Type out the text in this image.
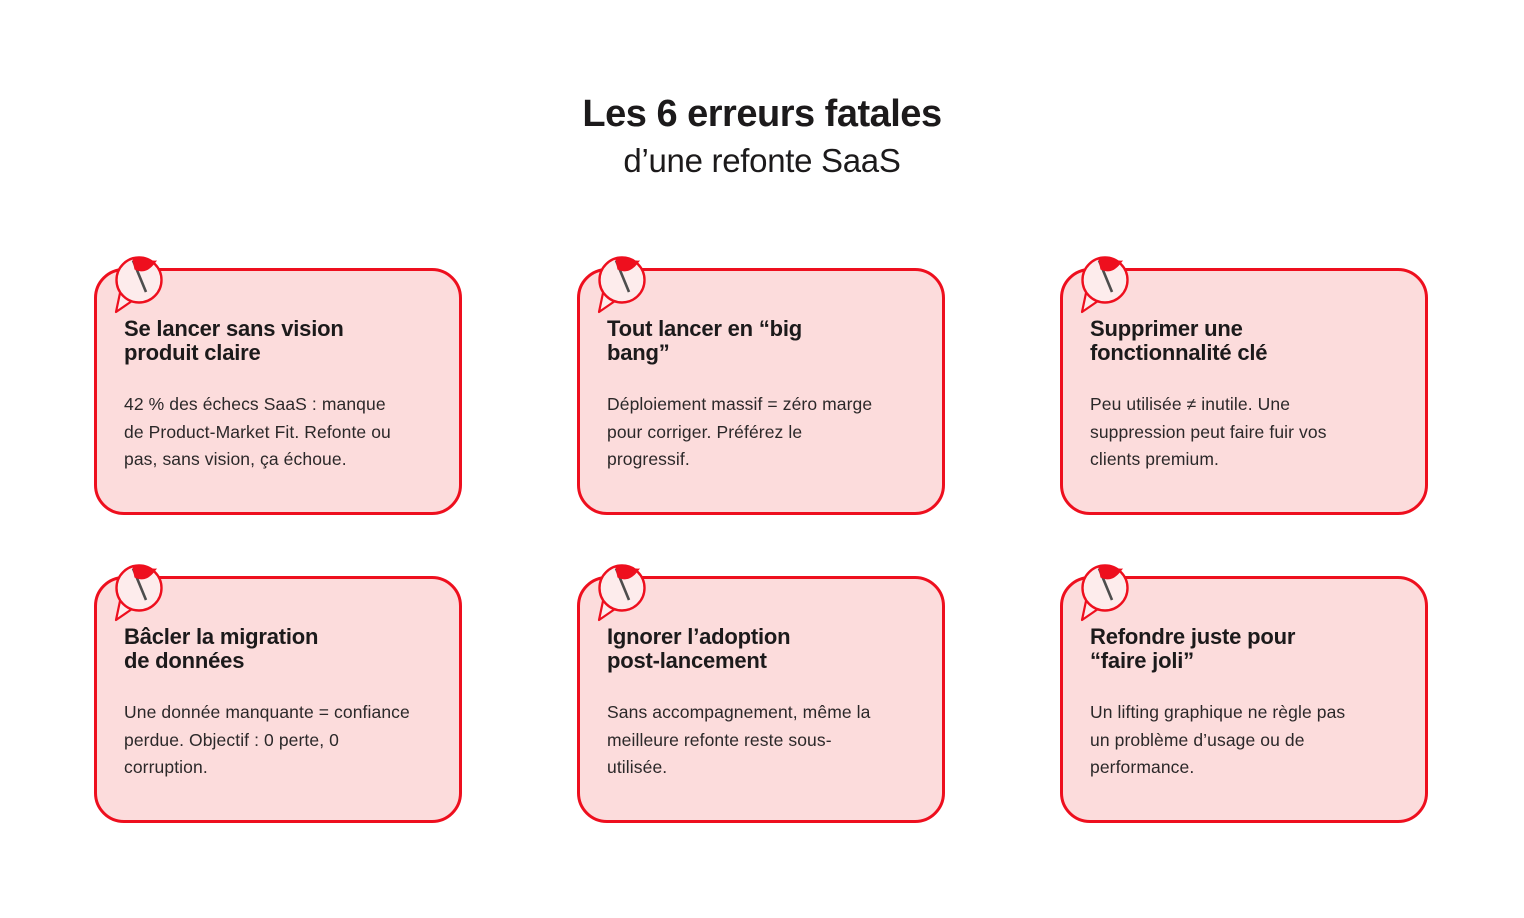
Les 6 erreurs fatales
d’une refonte SaaS
Se lancer sans vision
produit claire

42 % des échecs SaaS : manque
de Product-Market Fit. Refonte ou
pas, sans vision, ça échoue.

Tout lancer en “big
bang”

Déploiement massif = zéro marge
pour corriger. Préférez le
progressif.

Supprimer une
fonctionnalité clé

Peu utilisée ≠ inutile. Une
suppression peut faire fuir vos
clients premium.

Bâcler la migration
de données

Une donnée manquante = confiance
perdue. Objectif : 0 perte, 0
corruption.

Ignorer l’adoption
post-lancement

Sans accompagnement, même la
meilleure refonte reste sous-
utilisée.

Refondre juste pour
“faire joli”

Un lifting graphique ne règle pas
un problème d’usage ou de
performance.
